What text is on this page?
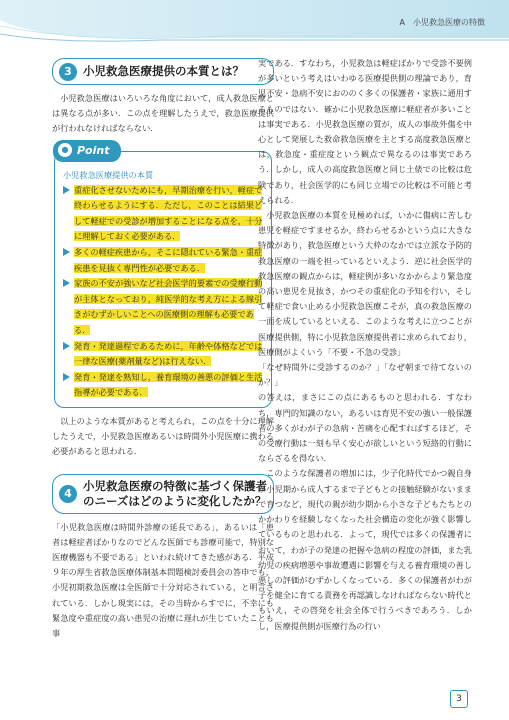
A　小児救急医療の特徴
3 小児救急医療提供の本質とは？

小児救急医療はいろいろな角度において，成人救急医療とは異なる点が多い．この点を理解したうえで，救急医療提供が行われなければならない．

● Point
小児救急医療提供の本質
重症化させないためにも，早期治療を行い，軽症で終わらせるようにする．ただし，このことは結果として軽症での受診が増加することになる点を，十分に理解しておく必要がある．
多くの軽症疾患から，そこに隠れている緊急・重症疾患を見抜く専門性が必要である．
家族の不安が強いなど社会医学的要素での受療行動が主体となっており，純医学的な考え方による線引きがむずかしいことへの医療側の理解も必要である．
発育・発達過程であるために，年齢や体格などでは一律な医療(薬剤量など)は行えない．
発育・発達を熟知し，養育環境の善悪の評価と生活指導が必要である．

以上のような本質があると考えられ，この点を十分に理解したうえで，小児救急医療あるいは時間外小児医療に携わる必要があると思われる．

4
小児救急医療の特徴に基づく保護者のニーズはどのように変化したか？

「小児救急医療は時間外診療の延長である」，あるいは「患者は軽症者ばかりなのでどんな医師でも診療可能で，特別な医療機器も不要である」といわれ続けてきた感がある．平成９年の厚生省救急医療体制基本問題検討委員会の答申でも，小児初期救急医療は全医師で十分対応されている，と明言されている．しかし現実には，その当時からすでに，不幸にも緊急度や重症度の高い患児の治療に遅れが生じていたことも事

実である．すなわち，小児救急は軽症ばかりで受診不要例が多いという考えはいわゆる医療提供側の理論であり，育児不安・急病不安におののく多くの保護者・家族に通用するものではない．確かに小児救急医療に軽症者が多いことは事実である．小児救急医療の質が，成人の事故外傷を中心として発展した救命救急医療を主とする高度救急医療とは，救急度・重症度という観点で異なるのは事実であろう．しかし，成人の高度救急医療と同じ土俵での比較は危険であり，社会医学的にも同じ立場での比較は不可能と考えられる．

小児救急医療の本質を見極めれば，いかに傷病に苦しむ患児を軽症ですませるか，終わらせるかという点に大きな特徴があり，救急医療という大枠のなかでは立派な予防的救急医療の一端を担っているといえよう．逆に社会医学的救急医療の観点からは，軽症例が多いなかからより緊急度の高い患児を見抜き，かつその重症化の予知を行い，そして軽症で食い止める小児救急医療こそが，真の救急医療の一面を成しているといえる．このような考えに立つことが医療提供側，特に小児救急医療提供者に求められており，医療側がよくいう「不要・不急の受診」

「なぜ時間外に受診するのか？」「なぜ朝まで待てないのか？」

の答えは，まさにこの点にあるものと思われる．すなわち，専門的知識のない，あるいは育児不安の強い一般保護者の多くがわが子の急病・苦痛を心配すればするほど，その受療行動は一刻も早く安心が欲しいという短絡的行動にならざるを得ない．

このような保護者の増加には，少子化時代でかつ親自身が小児期から成人するまで子どもとの接触経験がないままで育つなど，現代の親が幼少期から小さな子どもたちとのかかわりを経験しなくなった社会構造の変化が強く影響しているものと思われる．よって，現代では多くの保護者において，わが子の発達の把握や急病の程度の評価，また乳幼児の疾病増悪や事故遭遇に影響を与える養育環境の善し悪しの評価がむずかしくなっている．多くの保護者がわが子を健全に育てる責務を再認識しなければならない時代ともいえ，その啓発を社会全体で行うべきであろう．しかし，医療提供側が医療行為の行い

3
